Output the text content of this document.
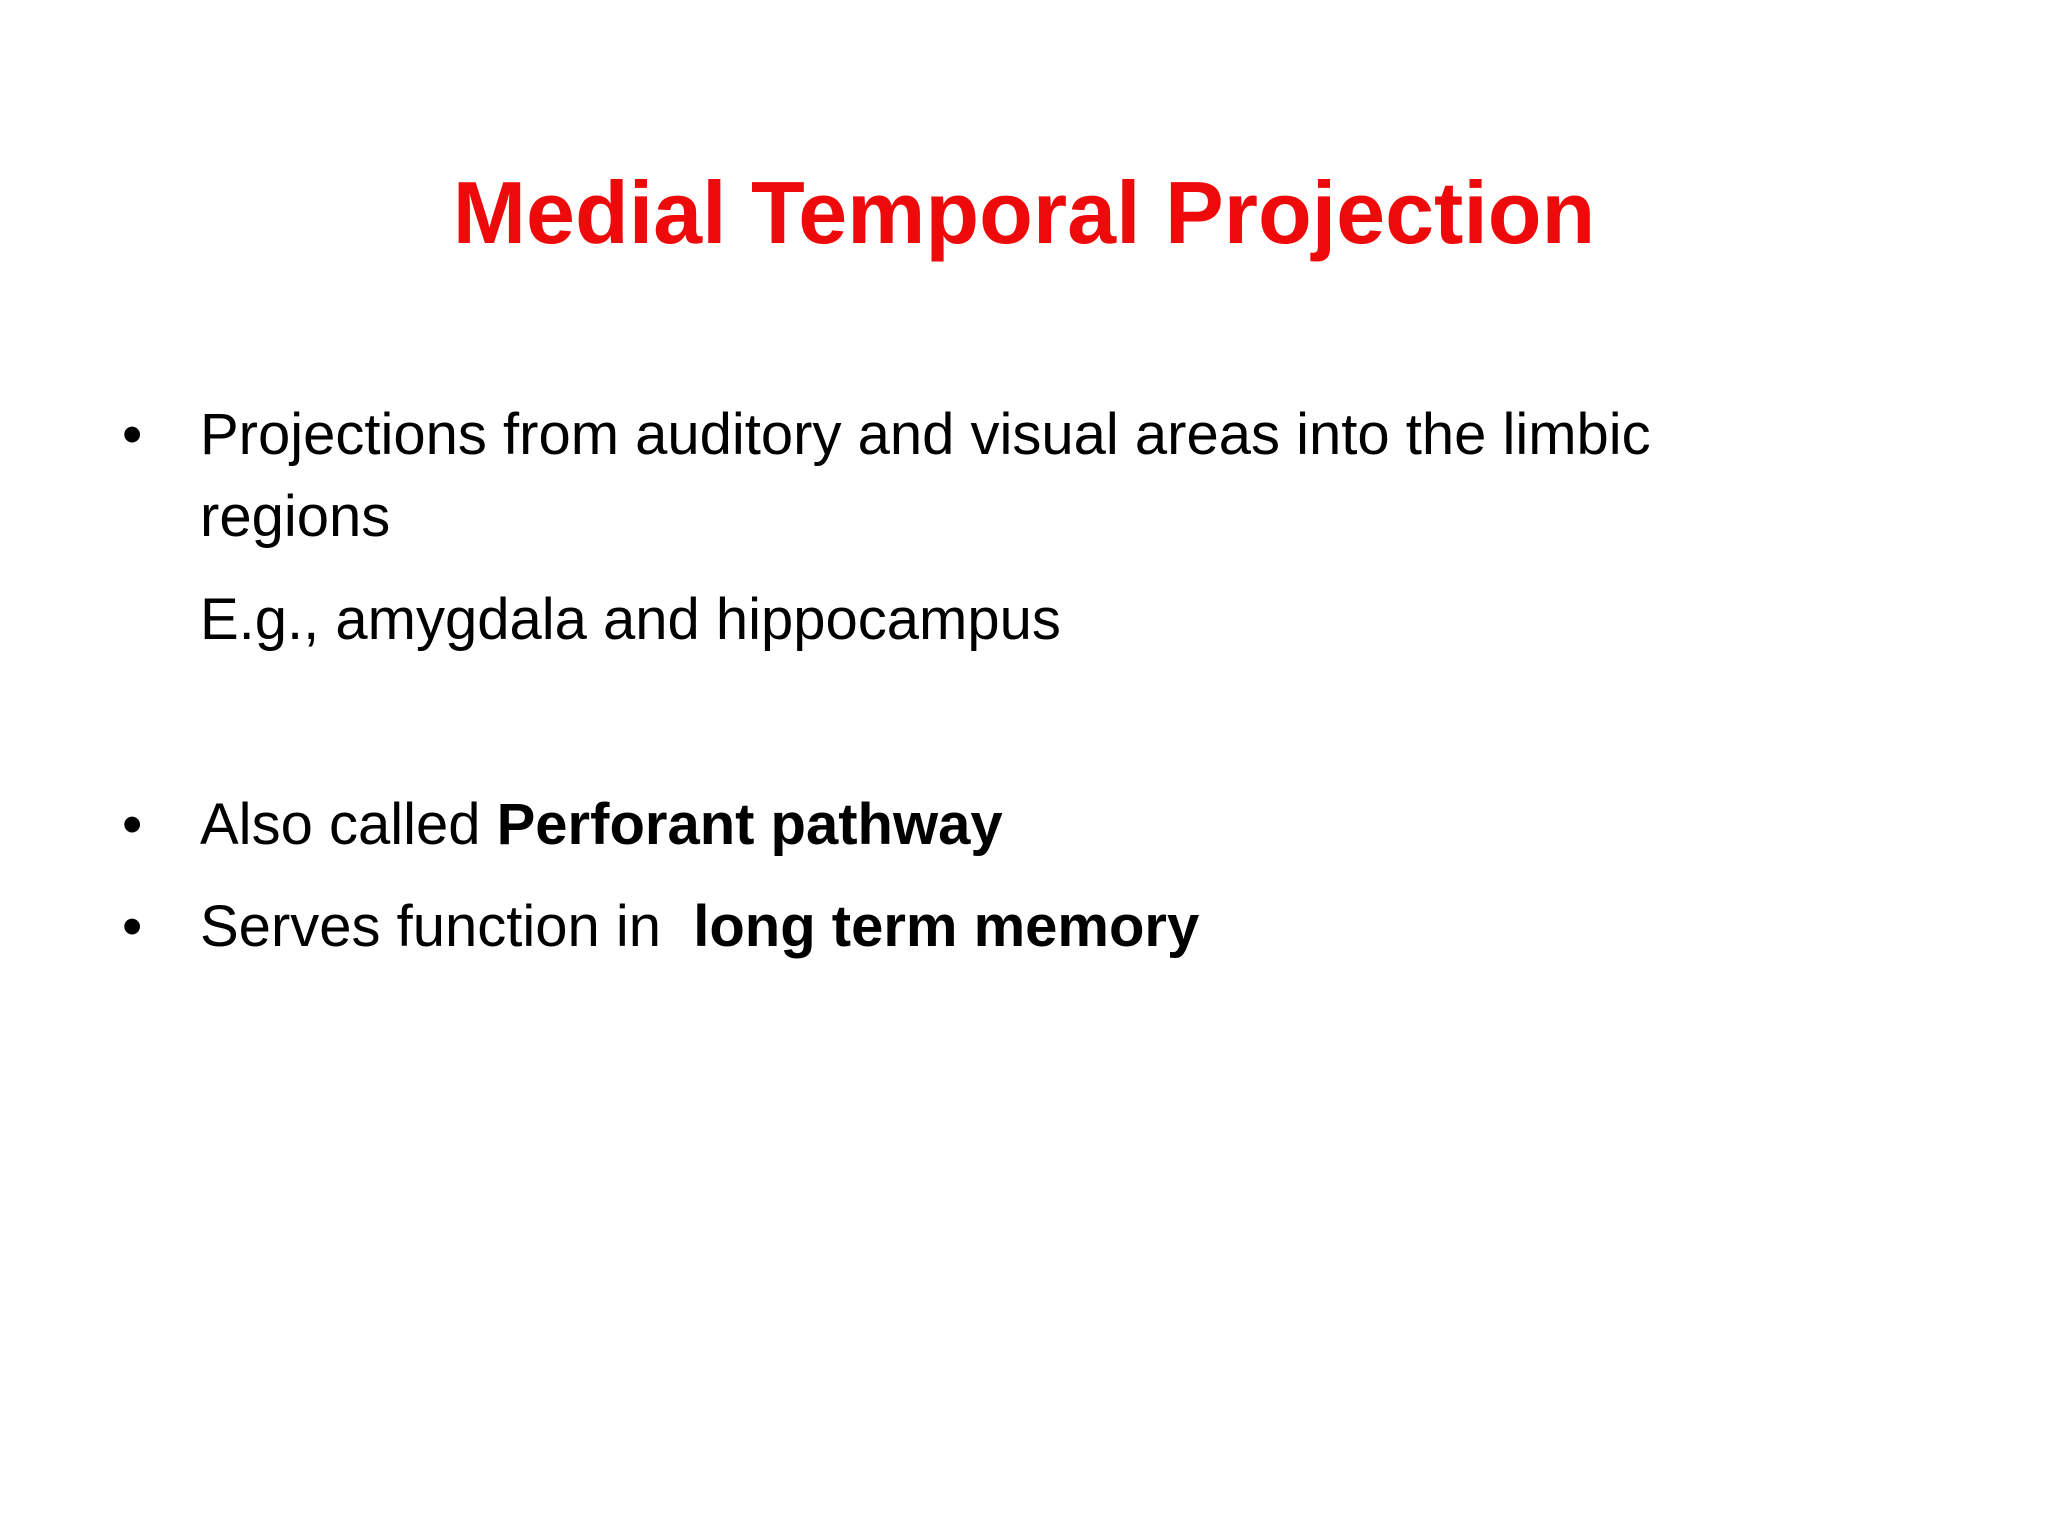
Medial Temporal Projection
• Projections from auditory and visual areas into the limbic
regions
E.g., amygdala and hippocampus
• Also called Perforant pathway
• Serves function in  long term memory
